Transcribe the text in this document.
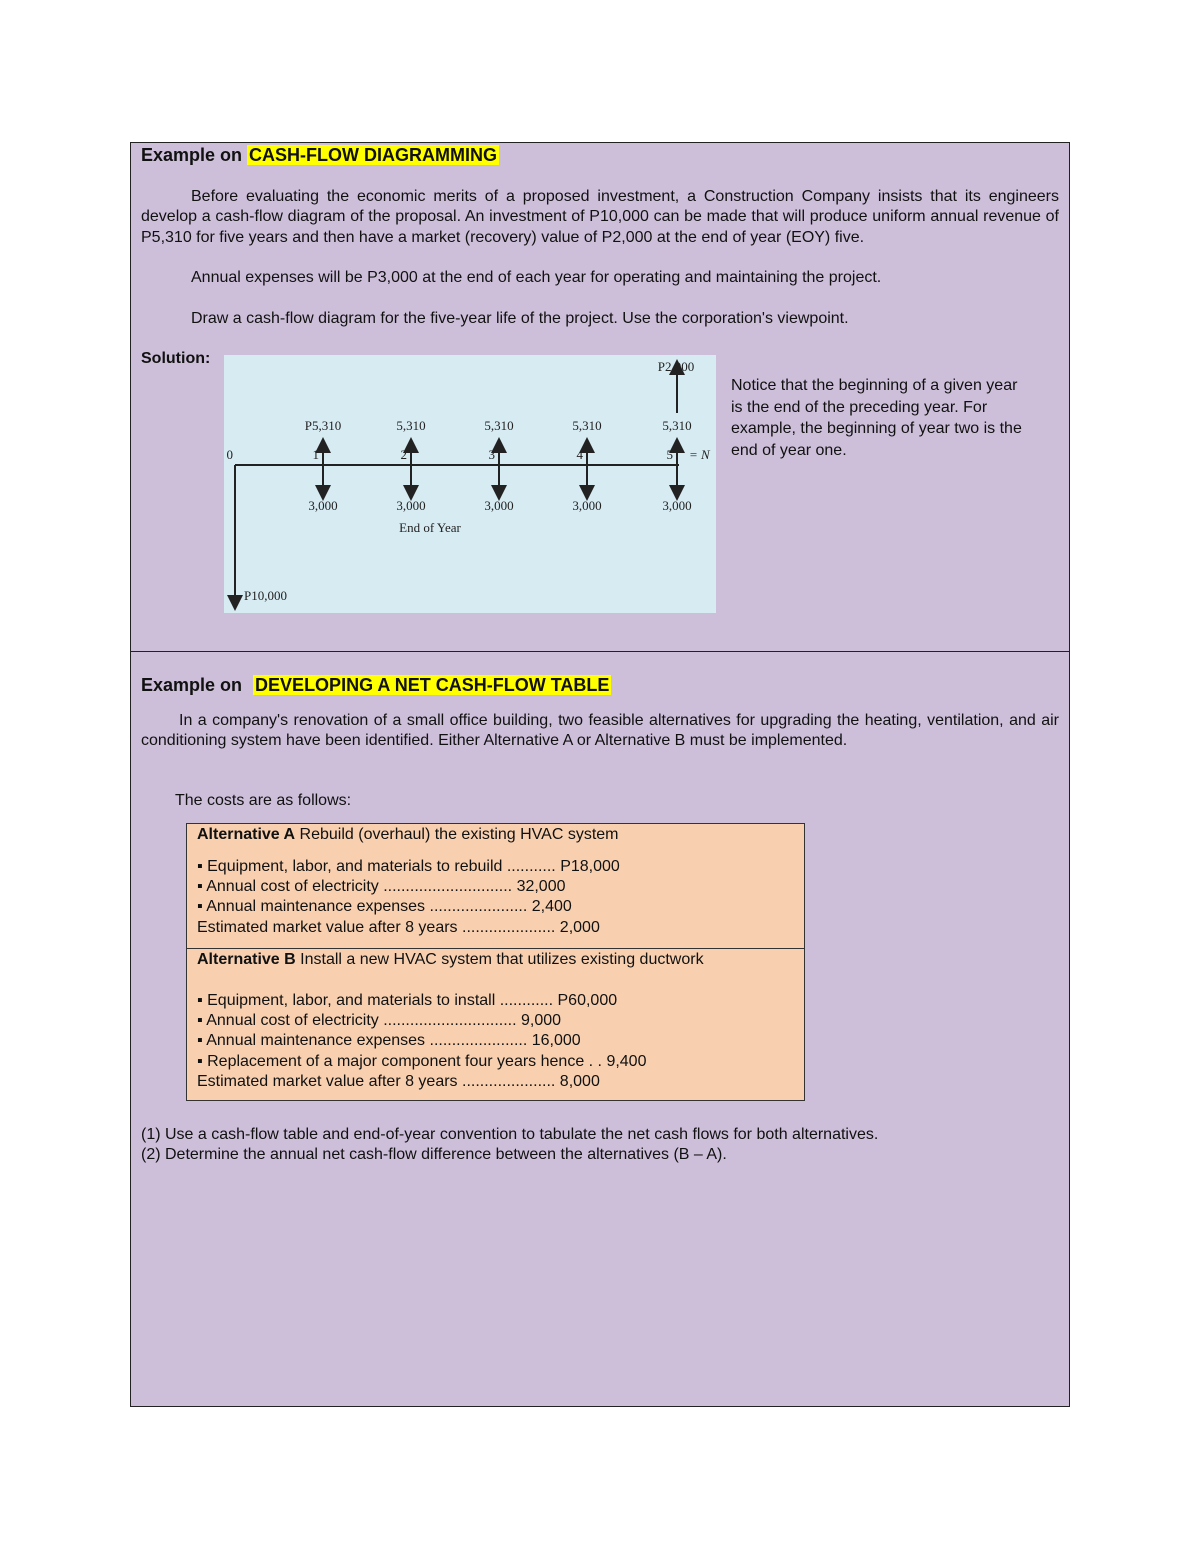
Example on CASH-FLOW DIAGRAMMING
Before evaluating the economic merits of a proposed investment, a Construction Company insists that its engineers develop a cash-flow diagram of the proposal. An investment of P10,000 can be made that will produce uniform annual revenue of P5,310 for five years and then have a market (recovery) value of P2,000 at the end of year (EOY) five.
Annual expenses will be P3,000 at the end of each year for operating and maintaining the project.
Draw a cash-flow diagram for the five-year life of the project. Use the corporation's viewpoint.
Solution:
0
P10,000
P2,000
End of Year
= N
1
P5,310
3,000
2
5,310
3,000
3
5,310
3,000
4
5,310
3,000
5
5,310
3,000
Notice that the beginning of a given year is the end of the preceding year. For example, the beginning of year two is the end of year one.
Example on DEVELOPING A NET CASH-FLOW TABLE
In a company's renovation of a small office building, two feasible alternatives for upgrading the heating, ventilation, and air conditioning system have been identified. Either Alternative A or Alternative B must be implemented.
The costs are as follows:
Alternative A Rebuild (overhaul) the existing HVAC system
▪ Equipment, labor, and materials to rebuild ........... P18,000
▪ Annual cost of electricity ............................. 32,000
▪ Annual maintenance expenses ...................... 2,400
Estimated market value after 8 years ..................... 2,000
Alternative B Install a new HVAC system that utilizes existing ductwork
▪ Equipment, labor, and materials to install ............ P60,000
▪ Annual cost of electricity .............................. 9,000
▪ Annual maintenance expenses ...................... 16,000
▪ Replacement of a major component four years hence . . 9,400
Estimated market value after 8 years ..................... 8,000
(1) Use a cash-flow table and end-of-year convention to tabulate the net cash flows for both alternatives.
(2) Determine the annual net cash-flow difference between the alternatives (B – A).
